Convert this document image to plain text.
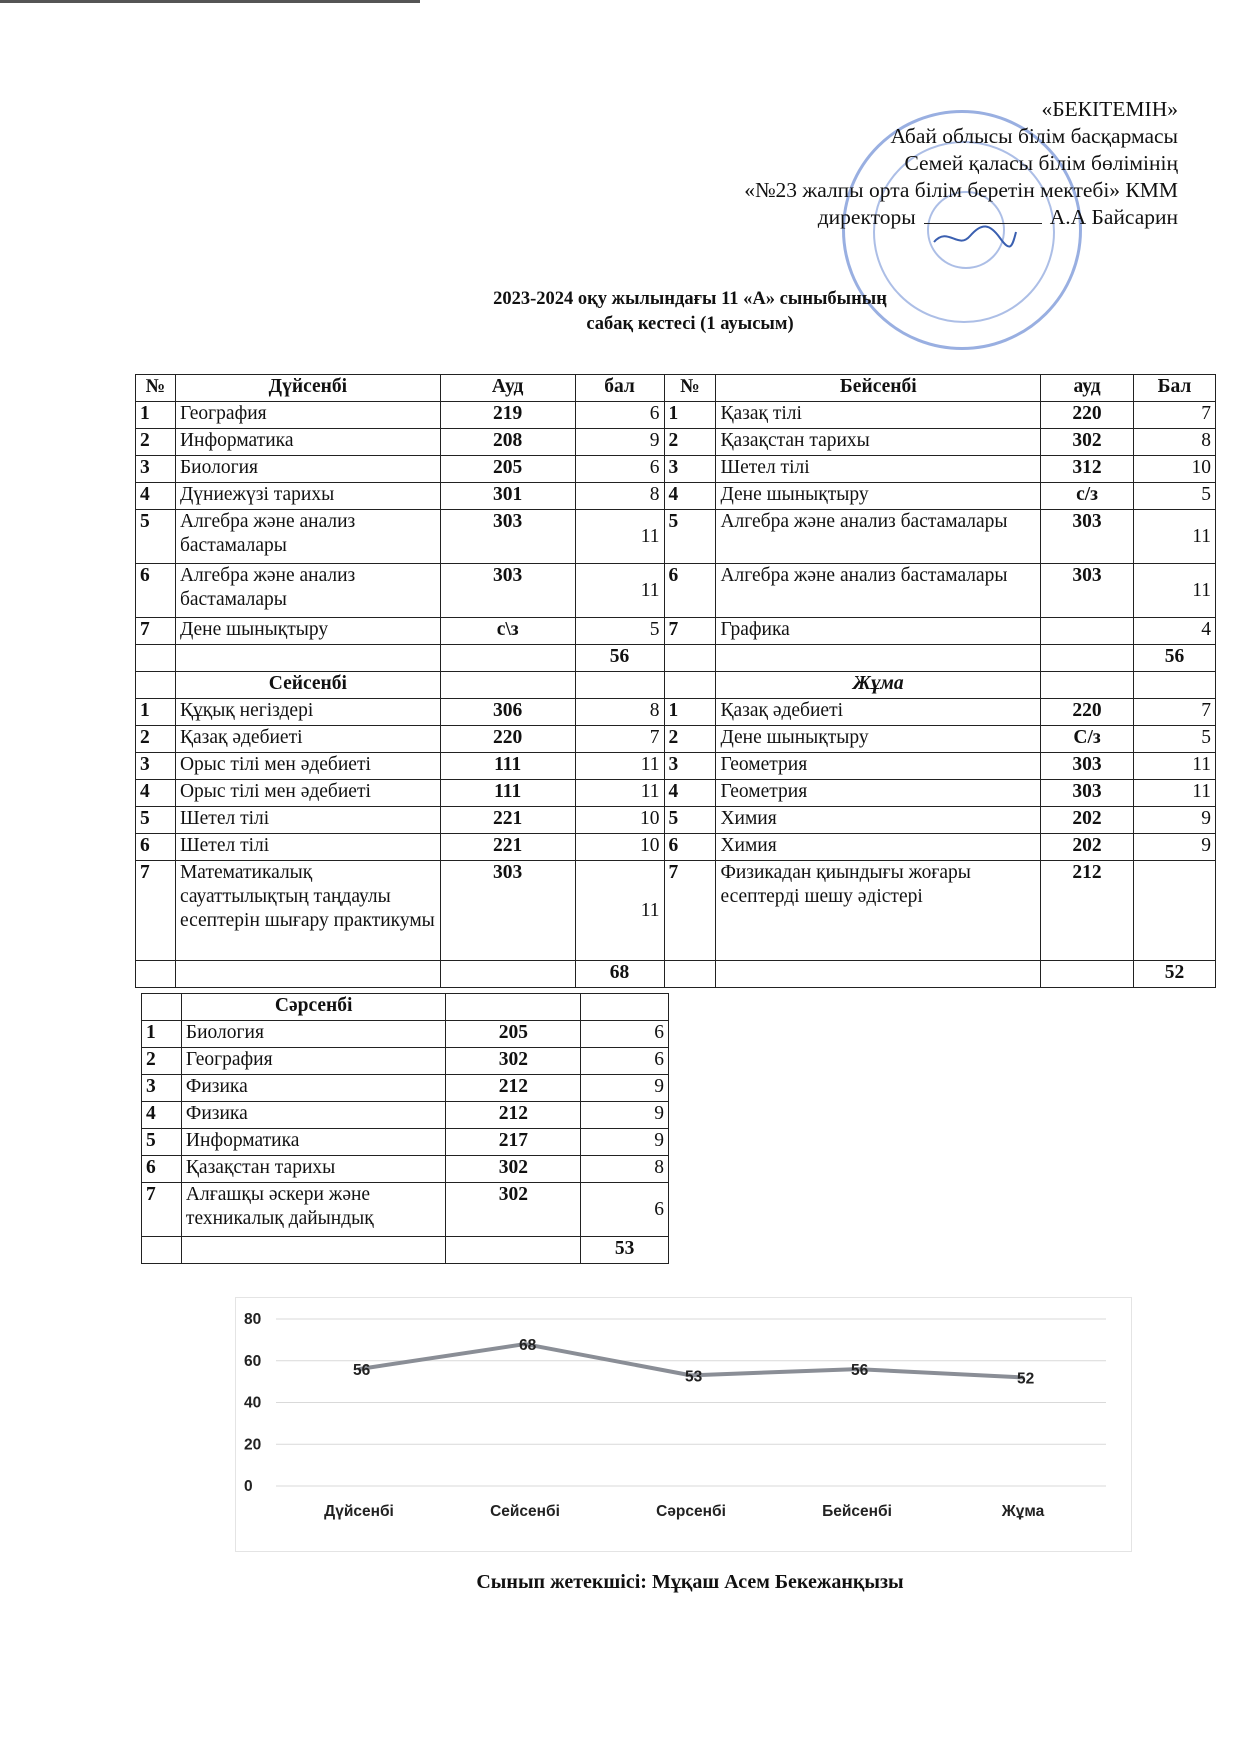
«БЕКІТЕМІН»
Абай облысы білім басқармасы
Семей қаласы білім бөлімінің
«№23 жалпы орта білім беретін мектебі» КММ
директоры	А.А Байсарин
2023-2024 оқу жылындағы 11 «А» сыныбының
сабақ кестесі (1 ауысым)
№	Дүйсенбі	Ауд	бал	№	Бейсенбі	ауд	Бал
1	География	219	6	1	Қазақ тілі	220	7
2	Информатика	208	9	2	Қазақстан тарихы	302	8
3	Биология	205	6	3	Шетел тілі	312	10
4	Дүниежүзі тарихы	301	8	4	Дене шынықтыру	с/з	5
5	Алгебра және анализ бастамалары	303	11	5	Алгебра және анализ бастамалары	303	11
6	Алгебра және анализ бастамалары	303	11	6	Алгебра және анализ бастамалары	303	11
7	Дене шынықтыру	с\з	5	7	Графика		4
			56				56
	Сейсенбі				Жұма		
1	Құқық негіздері	306	8	1	Қазақ әдебиеті	220	7
2	Қазақ әдебиеті	220	7	2	Дене шынықтыру	С/з	5
3	Орыс тілі мен әдебиеті	111	11	3	Геометрия	303	11
4	Орыс тілі мен әдебиеті	111	11	4	Геометрия	303	11
5	Шетел тілі	221	10	5	Химия	202	9
6	Шетел тілі	221	10	6	Химия	202	9
7	Математикалық сауаттылықтың таңдаулы есептерін шығару практикумы	303	11	7	Физикадан қиындығы жоғары есептерді шешу әдістері	212	
			68				52
	Сәрсенбі		
1	Биология	205	6
2	География	302	6
3	Физика	212	9
4	Физика	212	9
5	Информатика	217	9
6	Қазақстан тарихы	302	8
7	Алғашқы әскери және техникалық дайындық	302	6
			53
0
20
40
60
80
56
68
53	56	52
Дүйсенбі	Сейсенбі	Сәрсенбі	Бейсенбі	Жұма
Сынып жетекшісі: Мұқаш Асем Бекежанқызы
